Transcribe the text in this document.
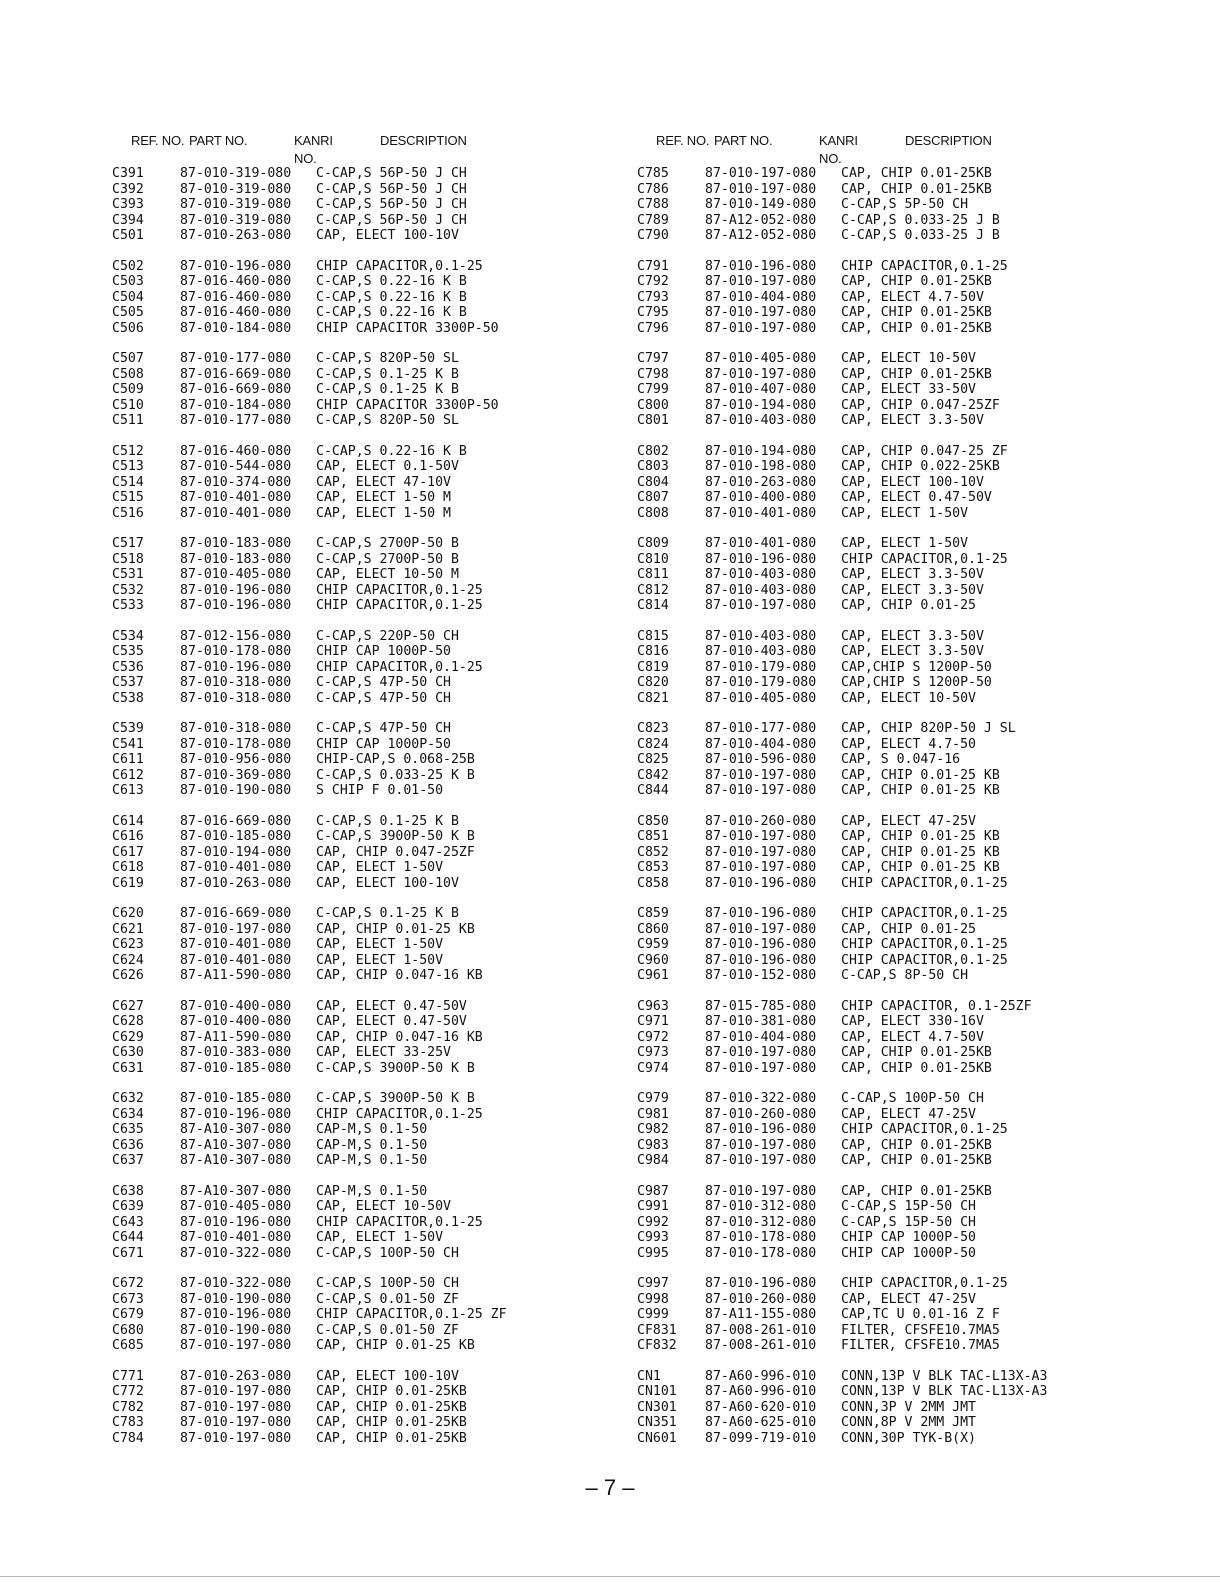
REF. NO. PART NO.	KANRI
NO.
DESCRIPTION
C391	87-010-319-080 C-CAP,S 56P-50 J CH
C392	87-010-319-080 C-CAP,S 56P-50 J CH
C393	87-010-319-080 C-CAP,S 56P-50 J CH
C394	87-010-319-080 C-CAP,S 56P-50 J CH
C501	87-010-263-080 CAP, ELECT 100-10V
C502	87-010-196-080 CHIP CAPACITOR,0.1-25
C503	87-016-460-080 C-CAP,S 0.22-16 K B
C504	87-016-460-080 C-CAP,S 0.22-16 K B
C505	87-016-460-080 C-CAP,S 0.22-16 K B
C506	87-010-184-080 CHIP CAPACITOR 3300P-50
C507	87-010-177-080 C-CAP,S 820P-50 SL
C508	87-016-669-080 C-CAP,S 0.1-25 K B
C509	87-016-669-080 C-CAP,S 0.1-25 K B
C510	87-010-184-080 CHIP CAPACITOR 3300P-50
C511	87-010-177-080 C-CAP,S 820P-50 SL
C512	87-016-460-080 C-CAP,S 0.22-16 K B
C513	87-010-544-080 CAP, ELECT 0.1-50V
C514	87-010-374-080 CAP, ELECT 47-10V
C515	87-010-401-080 CAP, ELECT 1-50 M
C516	87-010-401-080 CAP, ELECT 1-50 M
C517	87-010-183-080 C-CAP,S 2700P-50 B
C518	87-010-183-080 C-CAP,S 2700P-50 B
C531	87-010-405-080 CAP, ELECT 10-50 M
C532	87-010-196-080 CHIP CAPACITOR,0.1-25
C533	87-010-196-080 CHIP CAPACITOR,0.1-25
C534	87-012-156-080 C-CAP,S 220P-50 CH
C535	87-010-178-080 CHIP CAP 1000P-50
C536	87-010-196-080 CHIP CAPACITOR,0.1-25
C537	87-010-318-080 C-CAP,S 47P-50 CH
C538	87-010-318-080 C-CAP,S 47P-50 CH
C539	87-010-318-080 C-CAP,S 47P-50 CH
C541	87-010-178-080 CHIP CAP 1000P-50
C611	87-010-956-080 CHIP-CAP,S 0.068-25B
C612	87-010-369-080 C-CAP,S 0.033-25 K B
C613	87-010-190-080 S CHIP F 0.01-50
C614	87-016-669-080 C-CAP,S 0.1-25 K B
C616	87-010-185-080 C-CAP,S 3900P-50 K B
C617	87-010-194-080 CAP, CHIP 0.047-25ZF
C618	87-010-401-080 CAP, ELECT 1-50V
C619	87-010-263-080 CAP, ELECT 100-10V
C620	87-016-669-080 C-CAP,S 0.1-25 K B
C621	87-010-197-080 CAP, CHIP 0.01-25 KB
C623	87-010-401-080 CAP, ELECT 1-50V
C624	87-010-401-080 CAP, ELECT 1-50V
C626	87-A11-590-080 CAP, CHIP 0.047-16 KB
C627	87-010-400-080 CAP, ELECT 0.47-50V
C628	87-010-400-080 CAP, ELECT 0.47-50V
C629	87-A11-590-080 CAP, CHIP 0.047-16 KB
C630	87-010-383-080 CAP, ELECT 33-25V
C631	87-010-185-080 C-CAP,S 3900P-50 K B
C632	87-010-185-080 C-CAP,S 3900P-50 K B
C634	87-010-196-080 CHIP CAPACITOR,0.1-25
C635	87-A10-307-080 CAP-M,S 0.1-50
C636	87-A10-307-080 CAP-M,S 0.1-50
C637	87-A10-307-080 CAP-M,S 0.1-50
C638	87-A10-307-080 CAP-M,S 0.1-50
C639	87-010-405-080 CAP, ELECT 10-50V
C643	87-010-196-080 CHIP CAPACITOR,0.1-25
C644	87-010-401-080 CAP, ELECT 1-50V
C671	87-010-322-080 C-CAP,S 100P-50 CH
C672	87-010-322-080 C-CAP,S 100P-50 CH
C673	87-010-190-080 C-CAP,S 0.01-50 ZF
C679	87-010-196-080 CHIP CAPACITOR,0.1-25 ZF
C680	87-010-190-080 C-CAP,S 0.01-50 ZF
C685	87-010-197-080 CAP, CHIP 0.01-25 KB
C771	87-010-263-080 CAP, ELECT 100-10V
C772	87-010-197-080 CAP, CHIP 0.01-25KB
C782	87-010-197-080 CAP, CHIP 0.01-25KB
C783	87-010-197-080 CAP, CHIP 0.01-25KB
C784	87-010-197-080 CAP, CHIP 0.01-25KB
REF. NO. PART NO.	KANRI
NO.
DESCRIPTION
C785	87-010-197-080 CAP, CHIP 0.01-25KB
C786	87-010-197-080 CAP, CHIP 0.01-25KB
C788	87-010-149-080 C-CAP,S 5P-50 CH
C789	87-A12-052-080 C-CAP,S 0.033-25 J B
C790	87-A12-052-080 C-CAP,S 0.033-25 J B
C791	87-010-196-080 CHIP CAPACITOR,0.1-25
C792	87-010-197-080 CAP, CHIP 0.01-25KB
C793	87-010-404-080 CAP, ELECT 4.7-50V
C795	87-010-197-080 CAP, CHIP 0.01-25KB
C796	87-010-197-080 CAP, CHIP 0.01-25KB
C797	87-010-405-080 CAP, ELECT 10-50V
C798	87-010-197-080 CAP, CHIP 0.01-25KB
C799	87-010-407-080 CAP, ELECT 33-50V
C800	87-010-194-080 CAP, CHIP 0.047-25ZF
C801	87-010-403-080 CAP, ELECT 3.3-50V
C802	87-010-194-080 CAP, CHIP 0.047-25 ZF
C803	87-010-198-080 CAP, CHIP 0.022-25KB
C804	87-010-263-080 CAP, ELECT 100-10V
C807	87-010-400-080 CAP, ELECT 0.47-50V
C808	87-010-401-080 CAP, ELECT 1-50V
C809	87-010-401-080 CAP, ELECT 1-50V
C810	87-010-196-080 CHIP CAPACITOR,0.1-25
C811	87-010-403-080 CAP, ELECT 3.3-50V
C812	87-010-403-080 CAP, ELECT 3.3-50V
C814	87-010-197-080 CAP, CHIP 0.01-25
C815	87-010-403-080 CAP, ELECT 3.3-50V
C816	87-010-403-080 CAP, ELECT 3.3-50V
C819	87-010-179-080 CAP,CHIP S 1200P-50
C820	87-010-179-080 CAP,CHIP S 1200P-50
C821	87-010-405-080 CAP, ELECT 10-50V
C823	87-010-177-080 CAP, CHIP 820P-50 J SL
C824	87-010-404-080 CAP, ELECT 4.7-50
C825	87-010-596-080 CAP, S 0.047-16
C842	87-010-197-080 CAP, CHIP 0.01-25 KB
C844	87-010-197-080 CAP, CHIP 0.01-25 KB
C850	87-010-260-080 CAP, ELECT 47-25V
C851	87-010-197-080 CAP, CHIP 0.01-25 KB
C852	87-010-197-080 CAP, CHIP 0.01-25 KB
C853	87-010-197-080 CAP, CHIP 0.01-25 KB
C858	87-010-196-080 CHIP CAPACITOR,0.1-25
C859	87-010-196-080 CHIP CAPACITOR,0.1-25
C860	87-010-197-080 CAP, CHIP 0.01-25
C959	87-010-196-080 CHIP CAPACITOR,0.1-25
C960	87-010-196-080 CHIP CAPACITOR,0.1-25
C961	87-010-152-080 C-CAP,S 8P-50 CH
C963	87-015-785-080 CHIP CAPACITOR, 0.1-25ZF
C971	87-010-381-080 CAP, ELECT 330-16V
C972	87-010-404-080 CAP, ELECT 4.7-50V
C973	87-010-197-080 CAP, CHIP 0.01-25KB
C974	87-010-197-080 CAP, CHIP 0.01-25KB
C979	87-010-322-080 C-CAP,S 100P-50 CH
C981	87-010-260-080 CAP, ELECT 47-25V
C982	87-010-196-080 CHIP CAPACITOR,0.1-25
C983	87-010-197-080 CAP, CHIP 0.01-25KB
C984	87-010-197-080 CAP, CHIP 0.01-25KB
C987	87-010-197-080 CAP, CHIP 0.01-25KB
C991	87-010-312-080 C-CAP,S 15P-50 CH
C992	87-010-312-080 C-CAP,S 15P-50 CH
C993	87-010-178-080 CHIP CAP 1000P-50
C995	87-010-178-080 CHIP CAP 1000P-50
C997	87-010-196-080 CHIP CAPACITOR,0.1-25
C998	87-010-260-080 CAP, ELECT 47-25V
C999	87-A11-155-080 CAP,TC U 0.01-16 Z F
CF831 87-008-261-010 FILTER, CFSFE10.7MA5
CF832 87-008-261-010 FILTER, CFSFE10.7MA5
CN1	87-A60-996-010 CONN,13P V BLK TAC-L13X-A3
CN101 87-A60-996-010 CONN,13P V BLK TAC-L13X-A3
CN301 87-A60-620-010 CONN,3P V 2MM JMT
CN351 87-A60-625-010 CONN,8P V 2MM JMT
CN601 87-099-719-010 CONN,30P TYK-B(X)
– 7 –
